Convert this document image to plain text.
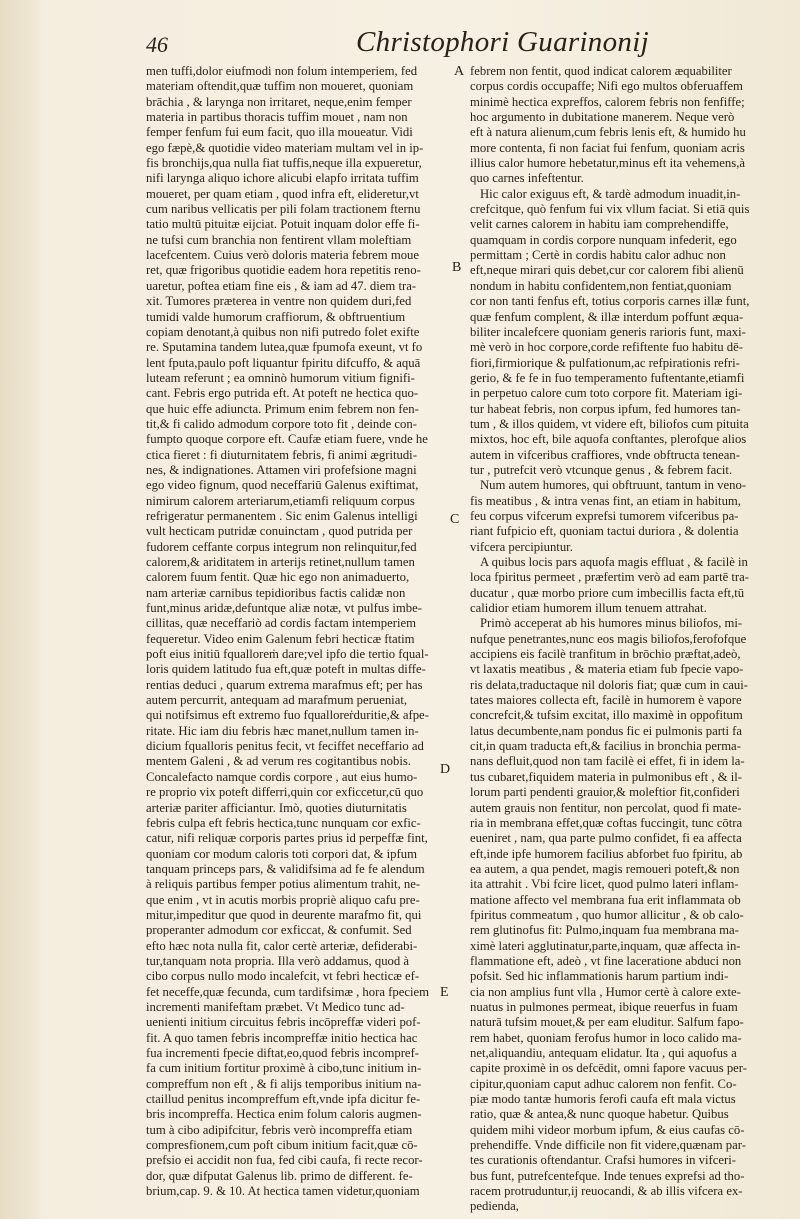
46	Christophori Guarinonij
men tuffi,dolor eiufmodi non folum intemperiem, fed
materiam oftendit,quæ tuffim non moueret, quoniam
brāchia , & larynga non irritaret, neque,enim femper
materia in partibus thoracis tuffim mouet , nam non
femper fenfum fui eum facit, quo illa moueatur. Vidi
ego fæpè,& quotidie video materiam multam vel in ip-
fis bronchijs,qua nulla fiat tuffis,neque illa expueretur,
nifi larynga aliquo ichore alicubi elapfo irritata tuffim
moueret, per quam etiam , quod infra eft, elideretur,vt
cum naribus vellicatis per pili folam tractionem fternu
tatio multū pituitæ eijciat. Potuit inquam dolor effe fi-
ne tufsi cum branchia non fentirent vllam moleftiam
lacefcentem. Cuius verò doloris materia febrem moue
ret, quæ frigoribus quotidie eadem hora repetitis reno-
uaretur, poftea etiam fine eis , & iam ad 47. diem tra-
xit. Tumores præterea in ventre non quidem duri,fed
tumidi valde humorum craffiorum, & obftruentium
copiam denotant,à quibus non nifi putredo folet exifte
re. Sputamina tandem lutea,quæ fpumofa exeunt, vt fo
lent fputa,paulo poft liquantur fpiritu difcuffo, & aquā
luteam referunt ; ea omninò humorum vitium fignifi-
cant. Febris ergo putrida eft. At poteft ne hectica quo-
que huic effe adiuncta. Primum enim febrem non fen-
tit,& fi calido admodum corpore toto fit , deinde con-
fumpto quoque corpore eft. Caufæ etiam fuere, vnde he
ctica fieret : fi diuturnitatem febris, fi animi ægritudi-
nes, & indignationes. Attamen viri profefsione magni
ego video fignum, quod neceffariū Galenus exiftimat,
nimirum calorem arteriarum,etiamfi reliquum corpus
refrigeratur permanentem . Sic enim Galenus intelligi
vult hecticam putridæ conuinctam , quod putrida per
fudorem ceffante corpus integrum non relinquitur,fed
calorem,& ariditatem in arterijs retinet,nullum tamen
calorem fuum fentit. Quæ hic ego non animaduerto,
nam arteriæ carnibus tepidioribus factis calidæ non
funt,minus aridæ,defuntque aliæ notæ, vt pulfus imbe-
cillitas, quæ neceffariò ad cordis factam intemperiem
fequeretur. Video enim Galenum febri hecticæ ftatim
poft eius initiū fqualloreṁ dare;vel ipfo die tertio fqual-
loris quidem latitudo fua eft,quæ poteft in multas diffe-
rentias deduci , quarum extrema marafmus eft; per has
autem percurrit, antequam ad marafmum perueniat,
qui notifsimus eft extremo fuo fqualloreṙduritie,& afpe-
ritate. Hic iam diu febris hæc manet,nullum tamen in-
dicium fqualloris penitus fecit, vt feciffet neceffario ad
mentem Galeni , & ad verum res cogitantibus nobis.
Concalefacto namque cordis corpore , aut eius humo-
re proprio vix poteft differri,quin cor exficcetur,cū quo
arteriæ pariter afficiantur. Imò, quoties diuturnitatis
febris culpa eft febris hectica,tunc nunquam cor exfic-
catur, nifi reliquæ corporis partes prius id perpeffæ fint,
quoniam cor modum caloris toti corpori dat, & ipfum
tanquam princeps pars, & validifsima ad fe fe alendum
à reliquis partibus femper potius alimentum trahit, ne-
que enim , vt in acutis morbis propriè aliquo cafu pre-
mitur,impeditur que quod in deurente marafmo fit, qui
properanter admodum cor exficcat, & confumit. Sed
efto hæc nota nulla fit, calor certè arteriæ, defiderabi-
tur,tanquam nota propria. Illa verò addamus, quod à
cibo corpus nullo modo incalefcit, vt febri hecticæ ef-
fet neceffe,quæ fecunda, cum tardifsimæ , hora fpeciem
incrementi manifeftam præbet. Vt Medico tunc ad-
uenienti initium circuitus febris incōpreffæ videri pof-
fit. A quo tamen febris incompreffæ initio hectica hac
fua incrementi fpecie diftat,eo,quod febris incompref-
fa cum initium fortitur proximè à cibo,tunc initium in-
compreffum non eft , & fi alijs temporibus initium na-
ctaillud penitus incompreffum eft,vnde ipfa dicitur fe-
bris incompreffa. Hectica enim folum caloris augmen-
tum à cibo adipifcitur, febris verò incompreffa etiam
compresfionem,cum poft cibum initium facit,quæ cō-
prefsio ei accidit non fua, fed cibi caufa, fi recte recor-
dor, quæ difputat Galenus lib. primo de different. fe-
brium,cap. 9. & 10. At hectica tamen videtur,quoniam
febrem non fentit, quod indicat calorem æquabiliter
corpus cordis occupaffe; Nifi ego multos obferuaffem
minimè hectica expreffos, calorem febris non fenfiffe;
hoc argumento in dubitatione manerem. Neque verò
eft à natura alienum,cum febris lenis eft, & humido hu
more contenta, fi non faciat fui fenfum, quoniam acris
illius calor humore hebetatur,minus eft ita vehemens,à
quo carnes infeftentur.
Hic calor exiguus eft, & tardè admodum inuadit,in-
crefcitque, quò fenfum fui vix vllum faciat. Si etiā quis
velit carnes calorem in habitu iam comprehendiffe,
quamquam in cordis corpore nunquam infederit, ego
permittam ; Certè in cordis habitu calor adhuc non
eft,neque mirari quis debet,cur cor calorem fibi alienū
nondum in habitu confidentem,non fentiat,quoniam
cor non tanti fenfus eft, totius corporis carnes illæ funt,
quæ fenfum complent, & illæ interdum poffunt æqua-
biliter incalefcere quoniam generis rarioris funt, maxi-
mè verò in hoc corpore,corde refiftente fuo habitu dē-
fiori,firmiorique & pulfationum,ac refpirationis refri-
gerio, & fe fe in fuo temperamento fuftentante,etiamfi
in perpetuo calore cum toto corpore fit. Materiam igi-
tur habeat febris, non corpus ipfum, fed humores tan-
tum , & illos quidem, vt videre eft, biliofos cum pituita
mixtos, hoc eft, bile aquofa conftantes, plerofque alios
autem in vifceribus craffiores, vnde obftructa tenean-
tur , putrefcit verò vtcunque genus , & febrem facit.
Num autem humores, qui obftruunt, tantum in veno-
fis meatibus , & intra venas fint, an etiam in habitum,
feu corpus vifcerum exprefsi tumorem vifceribus pa-
riant fufpicio eft, quoniam tactui duriora , & dolentia
vifcera percipiuntur.
A quibus locis pars aquofa magis effluat , & facilè in
loca fpiritus permeet , præfertim verò ad eam partē tra-
ducatur , quæ morbo priore cum imbecillis facta eft,tū
calidior etiam humorem illum tenuem attrahat.
Primò acceperat ab his humores minus biliofos, mi-
nufque penetrantes,nunc eos magis biliofos,ferofofque
accipiens eis facilè tranfitum in brōchio præftat,adeò,
vt laxatis meatibus , & materia etiam fub fpecie vapo-
ris delata,traductaque nil doloris fiat; quæ cum in caui-
tates maiores collecta eft, facilè in humorem è vapore
concrefcit,& tufsim excitat, illo maximè in oppofitum
latus decumbente,nam pondus fic ei pulmonis parti fa
cit,in quam traducta eft,& facilius in bronchia perma-
nans defluit,quod non tam facilè ei effet, fi in idem la-
tus cubaret,fiquidem materia in pulmonibus eft , & il-
lorum parti pendenti grauior,& moleftior fit,confideri
autem grauis non fentitur, non percolat, quod fi mate-
ria in membrana effet,quæ coftas fuccingit, tunc cōtra
eueniret , nam, qua parte pulmo confidet, fi ea affecta
eft,inde ipfe humorem facilius abforbet fuo fpiritu, ab
ea autem, a qua pendet, magis remoueri poteft,& non
ita attrahit . Vbi fcire licet, quod pulmo lateri inflam-
matione affecto vel membrana fua erit inflammata ob
fpiritus commeatum , quo humor allicitur , & ob calo-
rem glutinofus fit: Pulmo,inquam fua membrana ma-
ximè lateri agglutinatur,parte,inquam, quæ affecta in-
flammatione eft, adeò , vt fine laceratione abduci non
pofsit. Sed hic inflammationis harum partium indi-
cia non amplius funt vlla , Humor certè à calore exte-
nuatus in pulmones permeat, ibique reuerfus in fuam
naturā tufsim mouet,& per eam eluditur. Salfum fapo-
rem habet, quoniam ferofus humor in loco calido ma-
net,aliquandiu, antequam elidatur. Ita , qui aquofus a
capite proximè in os defcēdit, omni fapore vacuus per-
cipitur,quoniam caput adhuc calorem non fenfit. Co-
piæ modo tantæ humoris ferofi caufa eft mala victus
ratio, quæ & antea,& nunc quoque habetur. Quibus
quidem mihi videor morbum ipfum, & eius caufas cō-
prehendiffe. Vnde difficile non fit videre,quænam par-
tes curationis oftendantur. Crafsi humores in vifceri-
bus funt, putrefcentefque. Inde tenues exprefsi ad tho-
racem protruduntur,ij reuocandi, & ab illis vifcera ex-
pedienda,
A
B
C
D
E
